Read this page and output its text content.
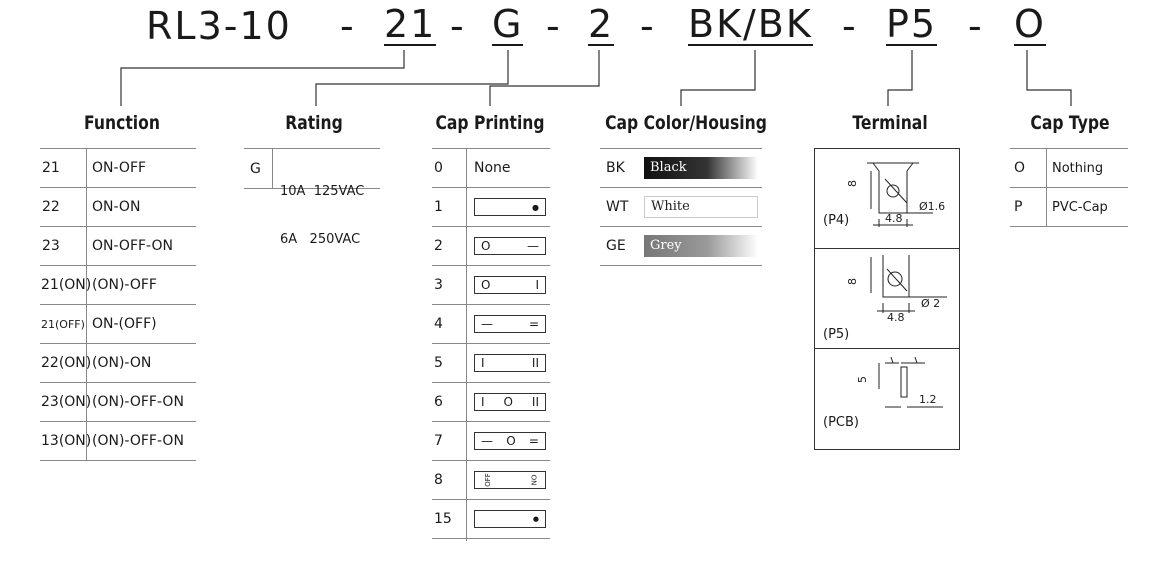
RL3-10 - 21 - G - 2 - BK/BK - P5 - O
Function	Rating	Cap Printing	Cap Color/Housing	Terminal	Cap Type
21 ON-OFF
22 ON-ON
23 ON-OFF-ON
21(ON) (ON)-OFF
21(OFF) ON-(OFF)
22(ON) (ON)-ON
23(ON) (ON)-OFF-ON
13(ON) (ON)-OFF-ON
G

10A  125VAC

6A   250VAC

0 None
1	●
2	O	—
3	O	I
4	—	=
5	I	II
6	I O II
7	— O =
8	OFF	ON
15	●
BK	Black
WT	White
GE	Grey
8
4.8
Ø1.6
(P4)
8
4.8
Ø 2
(P5)
5
1.2
(PCB)
O Nothing
P PVC-Cap
